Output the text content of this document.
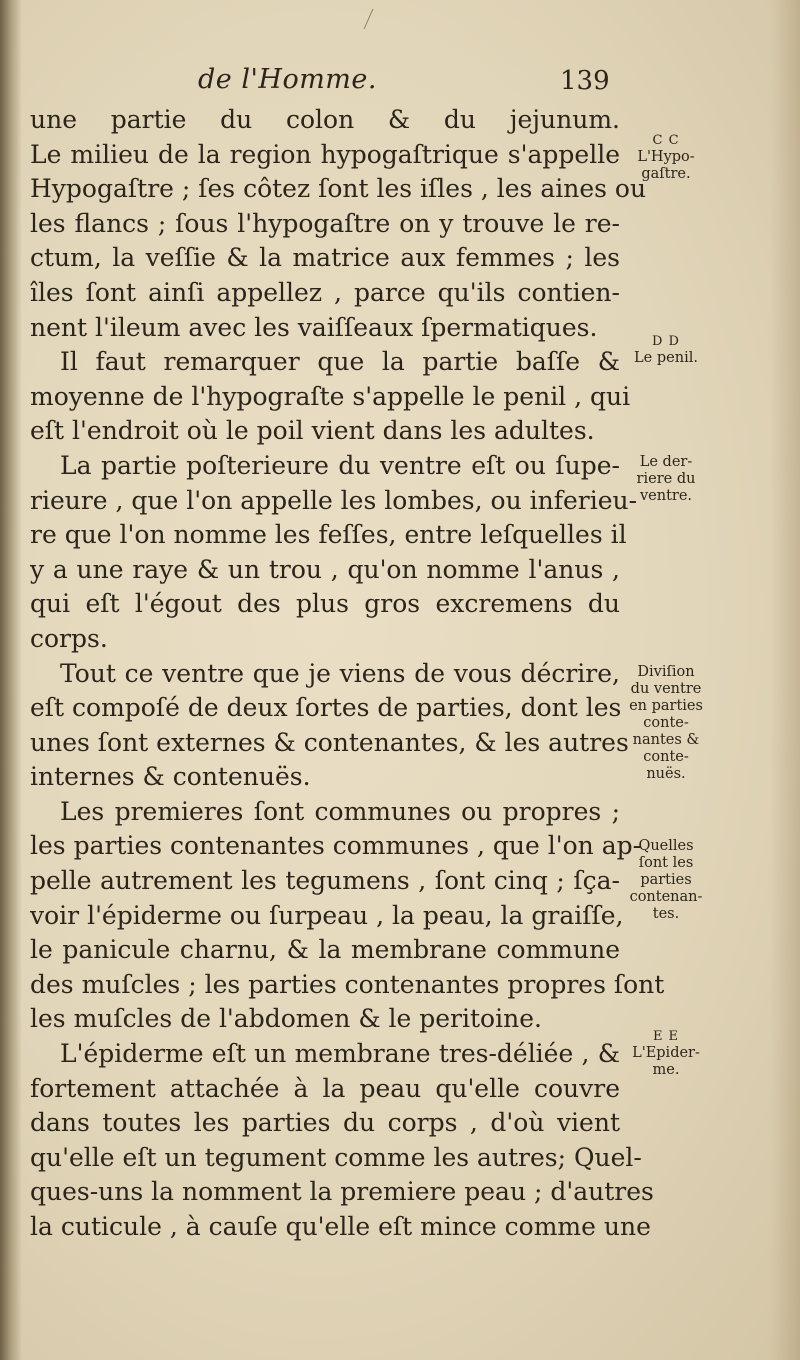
de l'Homme.	139
une partie du colon & du jejunum.
Le milieu de la region hypogaſtrique s'appelle
Hypogaſtre ; ſes côtez ſont les iſles , les aines ou
les flancs ; ſous l'hypogaſtre on y trouve le re-
ctum, la veſſie & la matrice aux femmes ; les
îles ſont ainſi appellez , parce qu'ils contien-
nent l'ileum avec les vaiſſeaux ſpermatiques.
Il faut remarquer que la partie baſſe &
moyenne de l'hypograſte s'appelle le penil , qui
eſt l'endroit où le poil vient dans les adultes.
La partie poſterieure du ventre eſt ou ſupe-
rieure , que l'on appelle les lombes, ou inferieu-
re que l'on nomme les feſſes, entre leſquelles il
y a une raye & un trou , qu'on nomme l'anus ,
qui eſt l'égout des plus gros excremens du
corps.
Tout ce ventre que je viens de vous décrire,
eſt compoſé de deux ſortes de parties, dont les
unes ſont externes & contenantes, & les autres
internes & contenuës.
Les premieres ſont communes ou propres ;
les parties contenantes communes , que l'on ap-
pelle autrement les tegumens , ſont cinq ; ſça-
voir l'épiderme ou ſurpeau , la peau, la graiſſe,
le panicule charnu, & la membrane commune
des muſcles ; les parties contenantes propres ſont
les muſcles de l'abdomen & le peritoine.
L'épiderme eſt un membrane tres-déliée , &
fortement attachée à la peau qu'elle couvre
dans toutes les parties du corps , d'où vient
qu'elle eſt un tegument comme les autres; Quel-
ques-uns la nomment la premiere peau ; d'autres
la cuticule , à cauſe qu'elle eſt mince comme une
C C
L'Hypo-
gaſtre.
D D
Le penil.
Le der-
riere du
ventre.
Diviſion
du ventre
en parties
conte-
nantes &
conte-
nuës.
Quelles
ſont les
parties
contenan-
tes.
E E
L'Epider-
me.
